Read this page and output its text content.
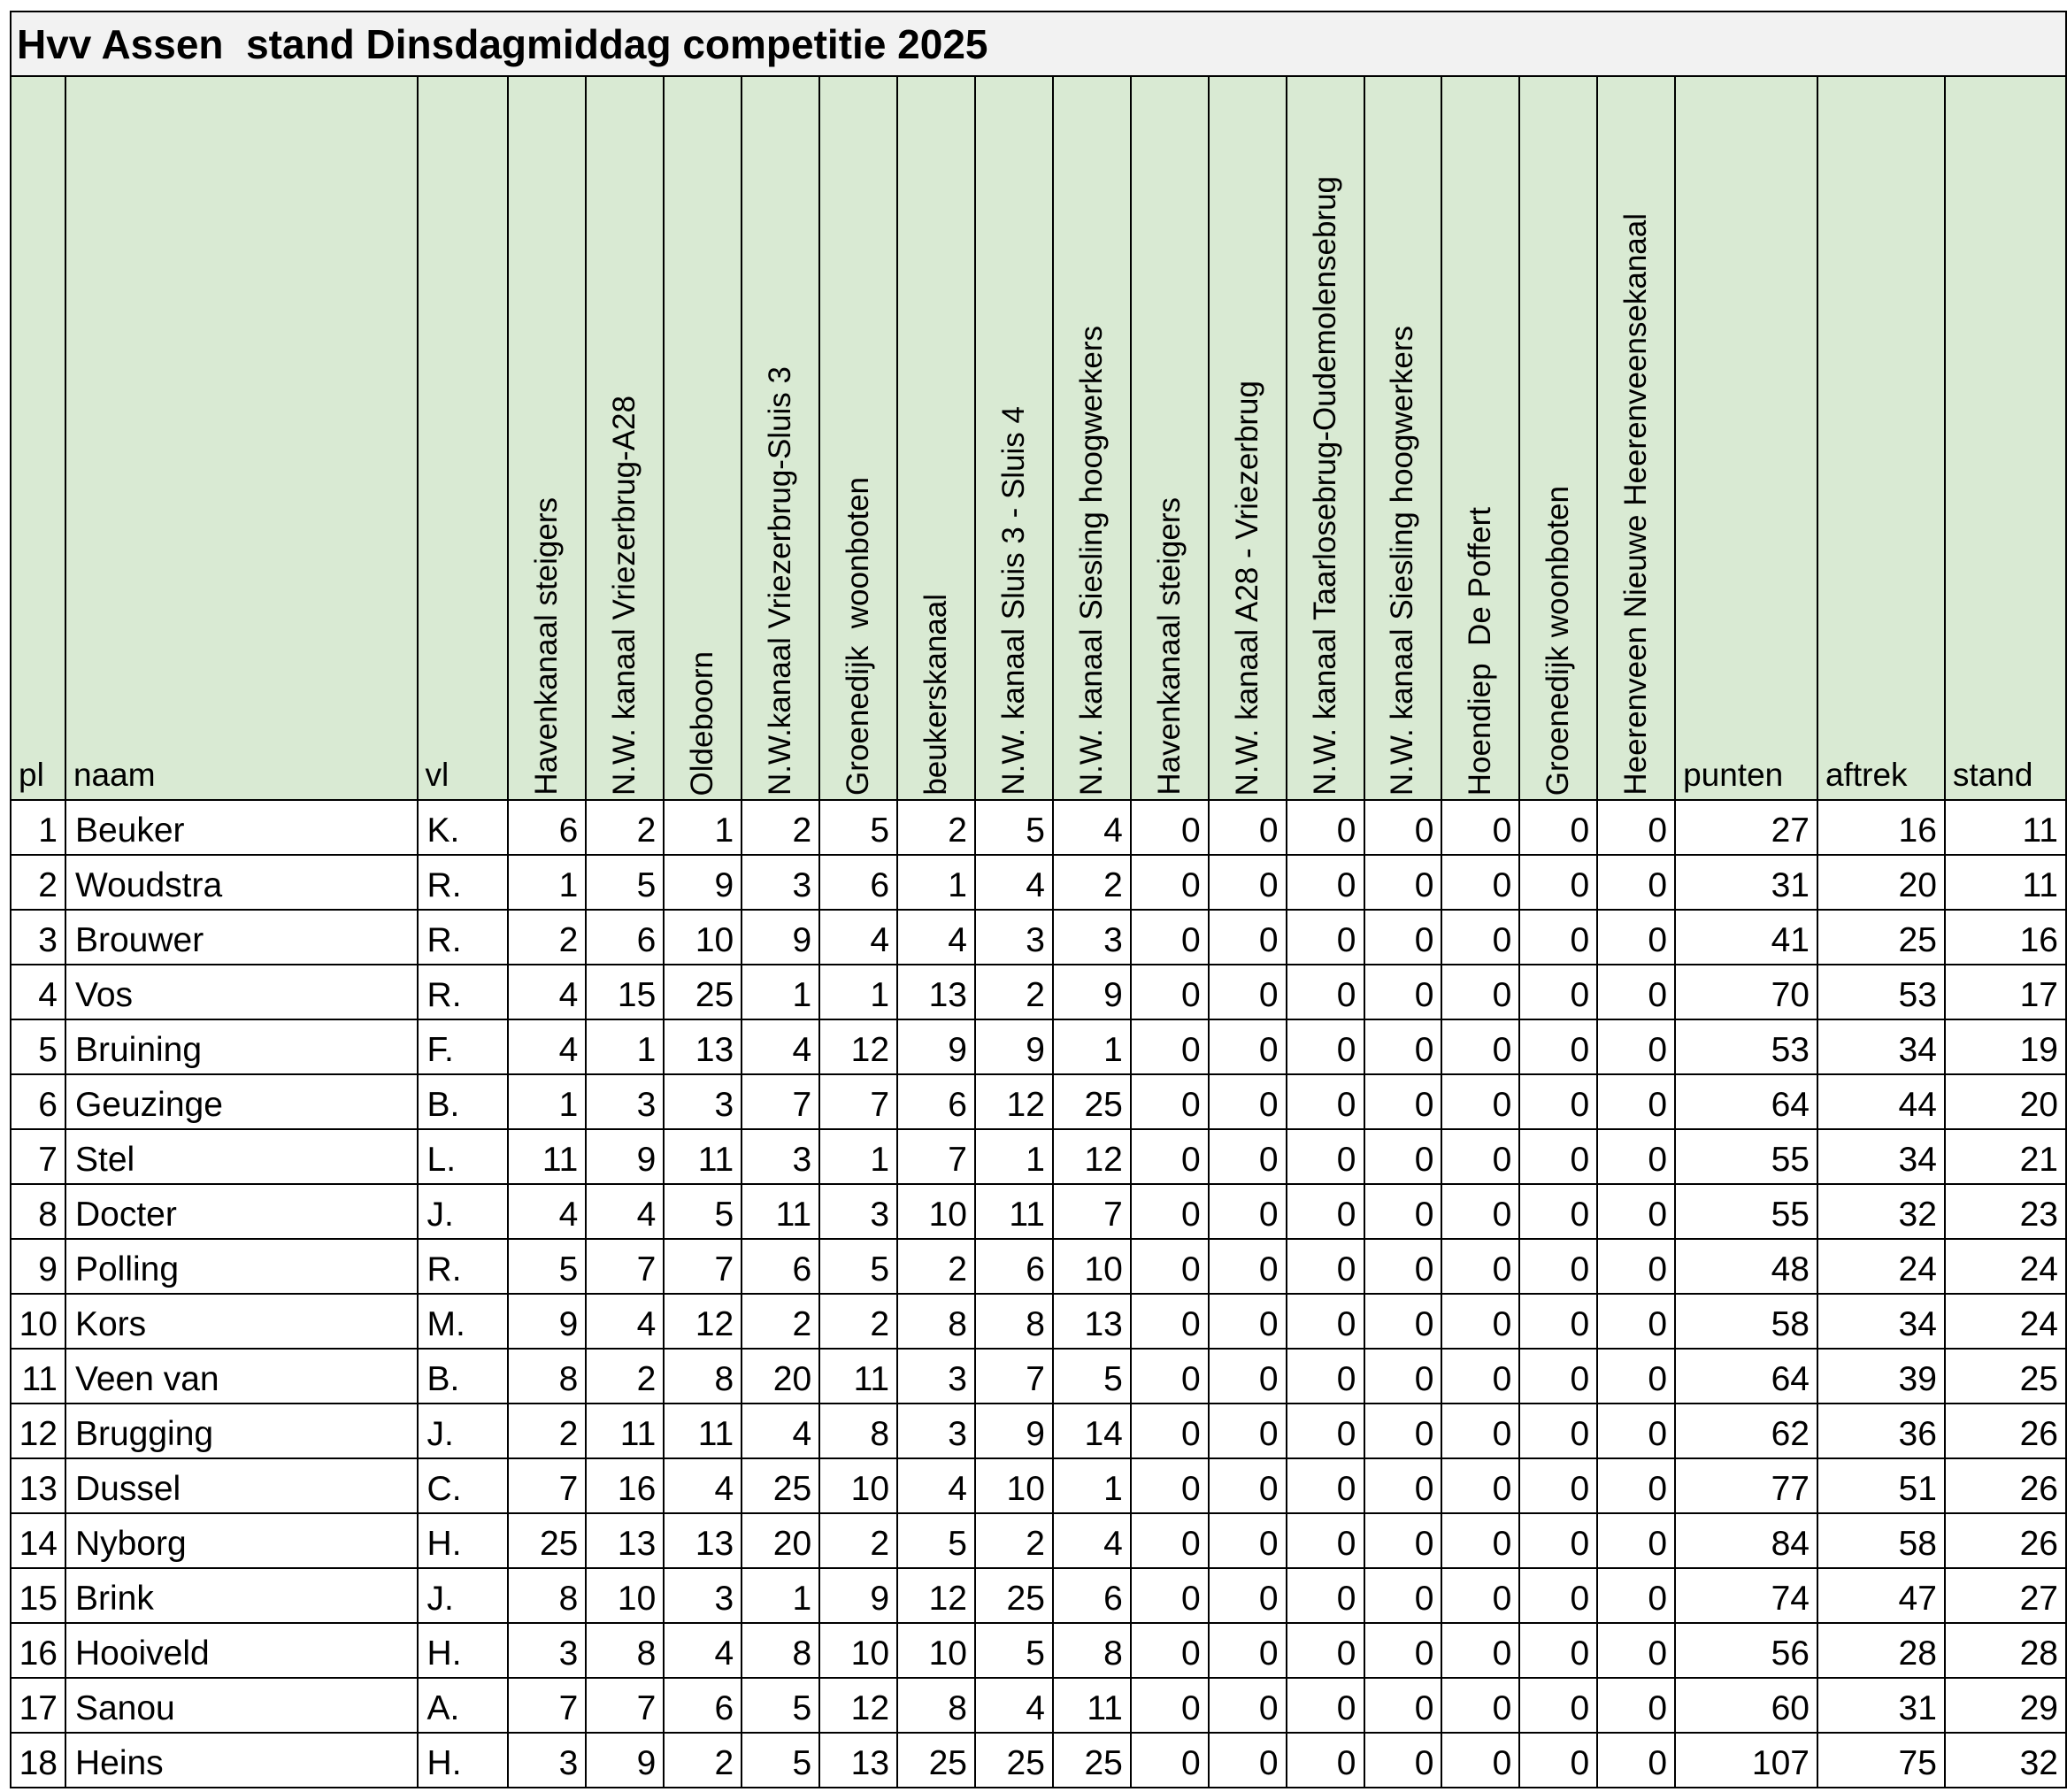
Hvv Assen  stand Dinsdagmiddag competitie 2025																				
pl	naam	vl	Havenkanaal steigers	N.W. kanaal Vriezerbrug-A28	Oldeboorn	N.W.kanaal Vriezerbrug-Sluis 3	Groenedijk  woonboten	beukerskanaal	N.W. kanaal Sluis 3 - Sluis 4	N.W. kanaal Siesling hoogwerkers	Havenkanaal steigers	N.W. kanaal A28 - Vriezerbrug	N.W. kanaal Taarlosebrug-Oudemolensebrug	N.W. kanaal Siesling hoogwerkers	Hoendiep  De Poffert	Groenedijk woonboten	Heerenveen Nieuwe Heerenveensekanaal	punten	aftrek	stand
1	Beuker	K.	6	2	1	2	5	2	5	4	0	0	0	0	0	0	0	27	16	11
2	Woudstra	R.	1	5	9	3	6	1	4	2	0	0	0	0	0	0	0	31	20	11
3	Brouwer	R.	2	6	10	9	4	4	3	3	0	0	0	0	0	0	0	41	25	16
4	Vos	R.	4	15	25	1	1	13	2	9	0	0	0	0	0	0	0	70	53	17
5	Bruining	F.	4	1	13	4	12	9	9	1	0	0	0	0	0	0	0	53	34	19
6	Geuzinge	B.	1	3	3	7	7	6	12	25	0	0	0	0	0	0	0	64	44	20
7	Stel	L.	11	9	11	3	1	7	1	12	0	0	0	0	0	0	0	55	34	21
8	Docter	J.	4	4	5	11	3	10	11	7	0	0	0	0	0	0	0	55	32	23
9	Polling	R.	5	7	7	6	5	2	6	10	0	0	0	0	0	0	0	48	24	24
10	Kors	M.	9	4	12	2	2	8	8	13	0	0	0	0	0	0	0	58	34	24
11	Veen van	B.	8	2	8	20	11	3	7	5	0	0	0	0	0	0	0	64	39	25
12	Brugging	J.	2	11	11	4	8	3	9	14	0	0	0	0	0	0	0	62	36	26
13	Dussel	C.	7	16	4	25	10	4	10	1	0	0	0	0	0	0	0	77	51	26
14	Nyborg	H.	25	13	13	20	2	5	2	4	0	0	0	0	0	0	0	84	58	26
15	Brink	J.	8	10	3	1	9	12	25	6	0	0	0	0	0	0	0	74	47	27
16	Hooiveld	H.	3	8	4	8	10	10	5	8	0	0	0	0	0	0	0	56	28	28
17	Sanou	A.	7	7	6	5	12	8	4	11	0	0	0	0	0	0	0	60	31	29
18	Heins	H.	3	9	2	5	13	25	25	25	0	0	0	0	0	0	0	107	75	32
